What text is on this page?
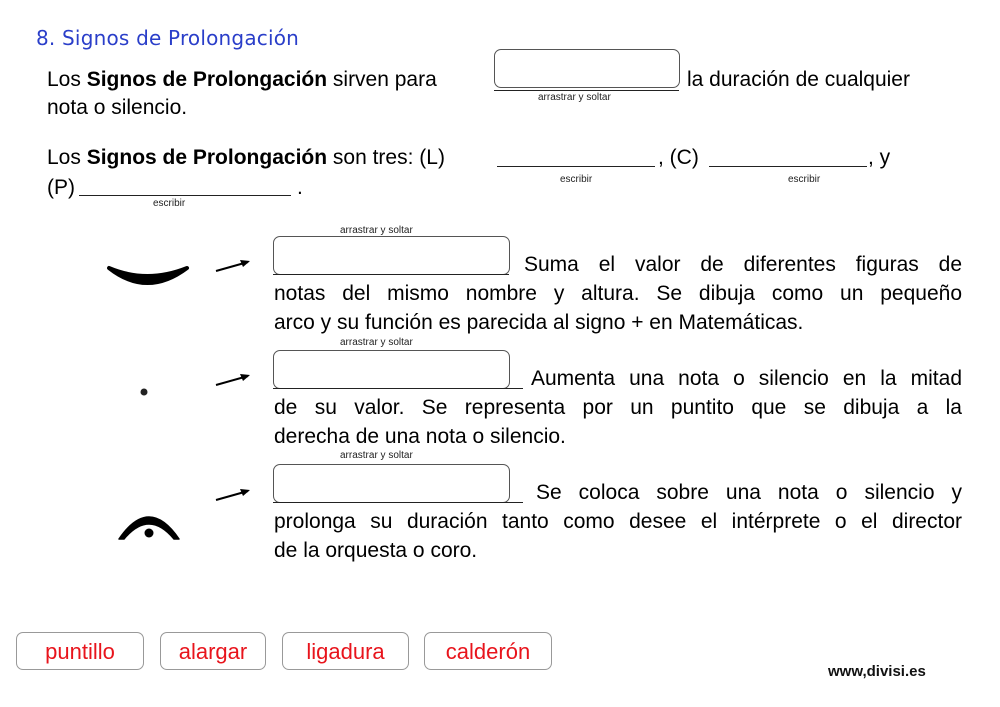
8. Signos de Prolongación
Los Signos de Prolongación sirven para
arrastrar y soltar
la duración de cualquier
nota o silencio.
Los Signos de Prolongación son tres: (L)
escribir
, (C)
escribir
, y
(P)
escribir
.
arrastrar y soltar
Suma el valor de diferentes figuras de
notas del mismo nombre y altura. Se dibuja como un pequeño
arco y su función es parecida al signo + en Matemáticas.
arrastrar y soltar
Aumenta una nota o silencio en la mitad
de su valor. Se representa por un puntito que se dibuja a la
derecha de una nota o silencio.
arrastrar y soltar
Se coloca sobre una nota o silencio y
prolonga su duración tanto como desee el intérprete o el director
de la orquesta o coro.
puntillo	alargar	ligadura	calderón
www,divisi.es
